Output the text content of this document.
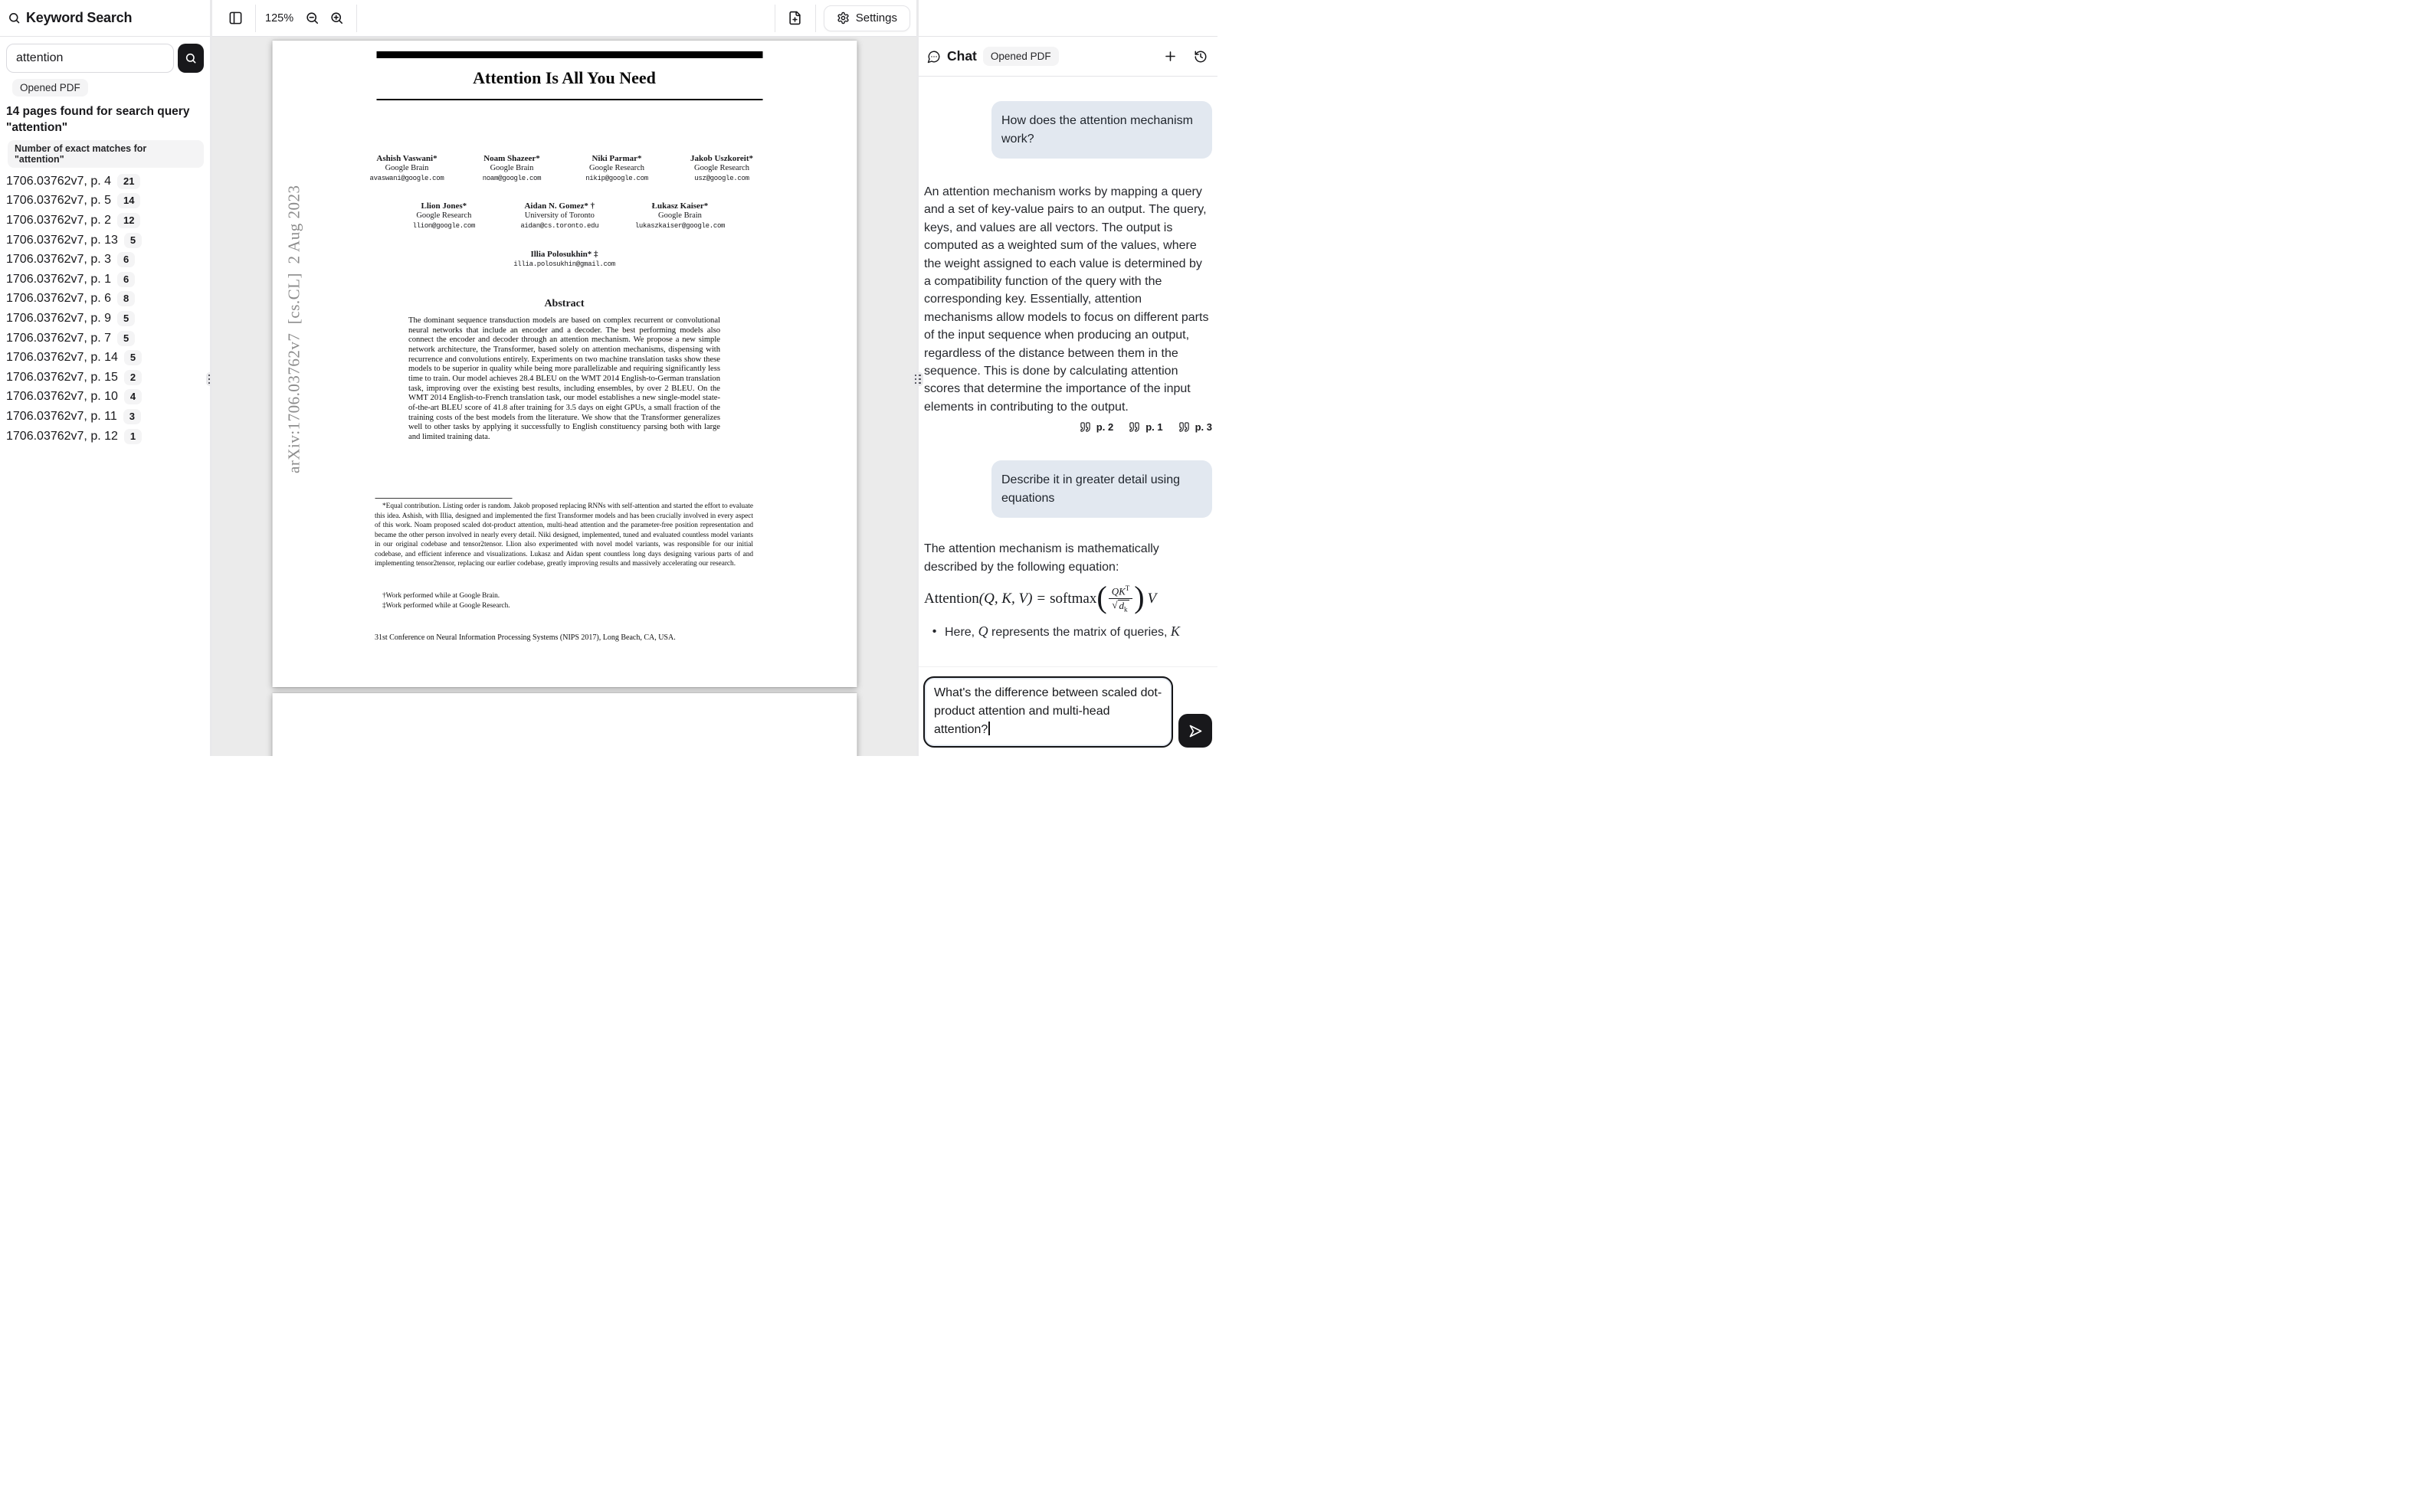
Keyword Search
attention
Opened PDF
14 pages found for search query "attention"
Number of exact matches for "attention"
1706.03762v7, p. 4	21
1706.03762v7, p. 5	14
1706.03762v7, p. 2	12
1706.03762v7, p. 13	5
1706.03762v7, p. 3	6
1706.03762v7, p. 1	6
1706.03762v7, p. 6	8
1706.03762v7, p. 9	5
1706.03762v7, p. 7	5
1706.03762v7, p. 14	5
1706.03762v7, p. 15	2
1706.03762v7, p. 10	4
1706.03762v7, p. 11	3
1706.03762v7, p. 12	1
125%	Settings
Attention Is All You Need
Ashish Vaswani*
Google Brain
avaswani@google.com
Noam Shazeer*
Google Brain
noam@google.com
Niki Parmar*
Google Research
nikip@google.com
Jakob Uszkoreit*
Google Research
usz@google.com
Llion Jones*
Google Research
llion@google.com
Aidan N. Gomez* †
University of Toronto
aidan@cs.toronto.edu
Łukasz Kaiser*
Google Brain
lukaszkaiser@google.com
Illia Polosukhin* ‡
illia.polosukhin@gmail.com
Abstract
The dominant sequence transduction models are based on complex recurrent or convolutional neural networks that include an encoder and a decoder. The best performing models also connect the encoder and decoder through an attention mechanism. We propose a new simple network architecture, the Transformer, based solely on attention mechanisms, dispensing with recurrence and convolutions entirely. Experiments on two machine translation tasks show these models to be superior in quality while being more parallelizable and requiring significantly less time to train. Our model achieves 28.4 BLEU on the WMT 2014 English-to-German translation task, improving over the existing best results, including ensembles, by over 2 BLEU. On the WMT 2014 English-to-French translation task, our model establishes a new single-model state-of-the-art BLEU score of 41.8 after training for 3.5 days on eight GPUs, a small fraction of the training costs of the best models from the literature. We show that the Transformer generalizes well to other tasks by applying it successfully to English constituency parsing both with large and limited training data.
*Equal contribution. Listing order is random. Jakob proposed replacing RNNs with self-attention and started the effort to evaluate this idea. Ashish, with Illia, designed and implemented the first Transformer models and has been crucially involved in every aspect of this work. Noam proposed scaled dot-product attention, multi-head attention and the parameter-free position representation and became the other person involved in nearly every detail. Niki designed, implemented, tuned and evaluated countless model variants in our original codebase and tensor2tensor. Llion also experimented with novel model variants, was responsible for our initial codebase, and efficient inference and visualizations. Lukasz and Aidan spent countless long days designing various parts of and implementing tensor2tensor, replacing our earlier codebase, greatly improving results and massively accelerating our research.
†Work performed while at Google Brain.
‡Work performed while at Google Research.
31st Conference on Neural Information Processing Systems (NIPS 2017), Long Beach, CA, USA.
arXiv:1706.03762v7  [cs.CL]  2 Aug 2023
Chat	Opened PDF
How does the attention mechanism work?
An attention mechanism works by mapping a query and a set of key-value pairs to an output. The query, keys, and values are all vectors. The output is computed as a weighted sum of the values, where the weight assigned to each value is determined by a compatibility function of the query with the corresponding key. Essentially, attention mechanisms allow models to focus on different parts of the input sequence when producing an output, regardless of the distance between them in the sequence. This is done by calculating attention scores that determine the importance of the input elements in contributing to the output.
p. 2	p. 1	p. 3
Describe it in greater detail using equations
The attention mechanism is mathematically described by the following equation:
Attention (Q, K, V) = softmax ( $\frac{QK^T}{√ d_k}$ ) V
• Here, Q represents the matrix of queries, K
What's the difference between scaled dot-product attention and multi-head attention?
